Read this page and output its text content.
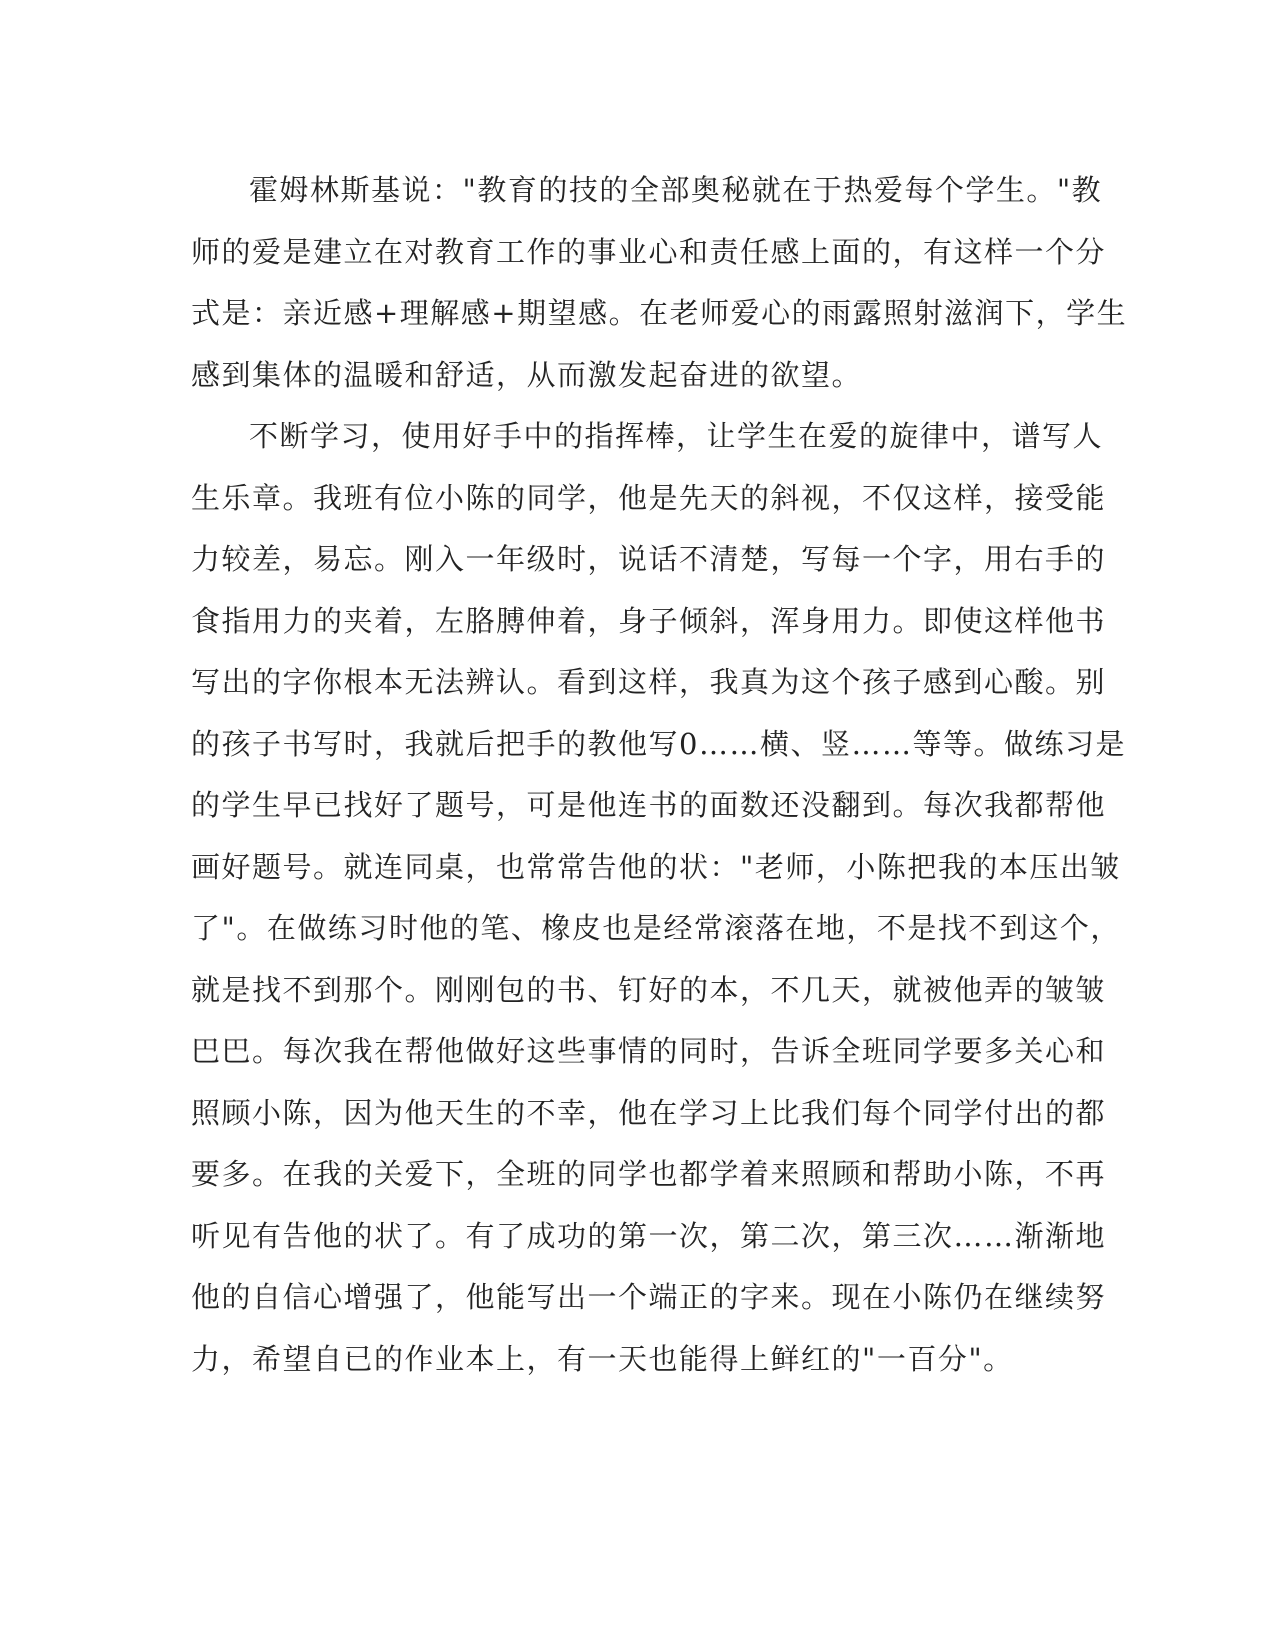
霍姆林斯基说："教育的技的全部奥秘就在于热爱每个学生。"教
师的爱是建立在对教育工作的事业心和责任感上面的，有这样一个分
式是：亲近感+理解感+期望感。在老师爱心的雨露照射滋润下，学生
感到集体的温暖和舒适，从而激发起奋进的欲望。
不断学习，使用好手中的指挥棒，让学生在爱的旋律中，谱写人
生乐章。我班有位小陈的同学，他是先天的斜视，不仅这样，接受能
力较差，易忘。刚入一年级时，说话不清楚，写每一个字，用右手的
食指用力的夹着，左胳膊伸着，身子倾斜，浑身用力。即使这样他书
写出的字你根本无法辨认。看到这样，我真为这个孩子感到心酸。别
的孩子书写时，我就后把手的教他写0……横、竖……等等。做练习是
的学生早已找好了题号，可是他连书的面数还没翻到。每次我都帮他
画好题号。就连同桌，也常常告他的状："老师，小陈把我的本压出皱
了"。在做练习时他的笔、橡皮也是经常滚落在地，不是找不到这个，
就是找不到那个。刚刚包的书、钉好的本，不几天，就被他弄的皱皱
巴巴。每次我在帮他做好这些事情的同时，告诉全班同学要多关心和
照顾小陈，因为他天生的不幸，他在学习上比我们每个同学付出的都
要多。在我的关爱下，全班的同学也都学着来照顾和帮助小陈，不再
听见有告他的状了。有了成功的第一次，第二次，第三次……渐渐地
他的自信心增强了，他能写出一个端正的字来。现在小陈仍在继续努
力，希望自已的作业本上，有一天也能得上鲜红的"一百分"。
